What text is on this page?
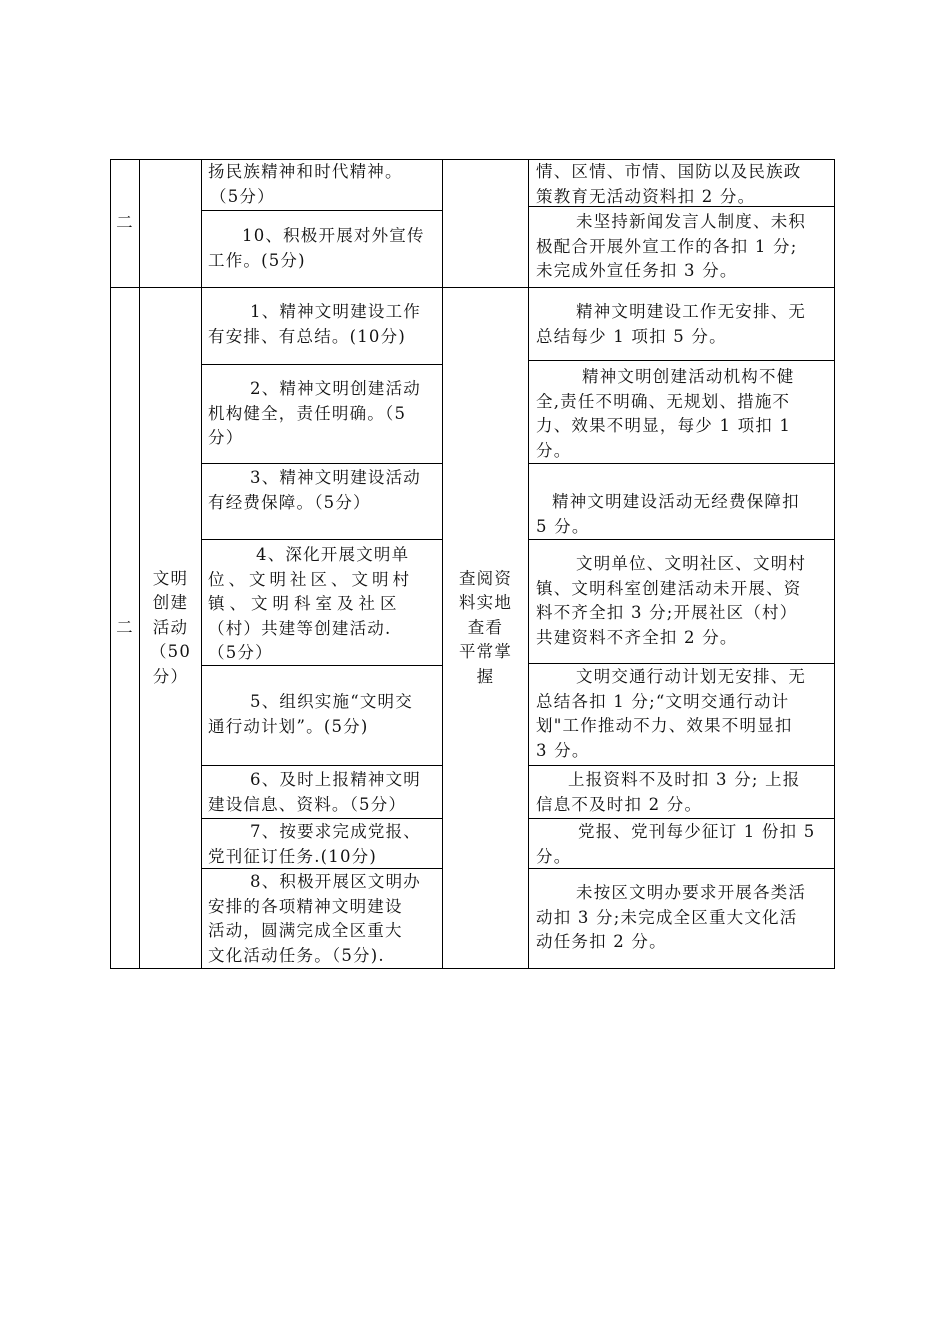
二
扬民族精神和时代精神。
（5分）
情、区情、市情、国防以及民族政
策教育无活动资料扣 2 分。
10、积极开展对外宣传
工作。(5分)
未坚持新闻发言人制度、未积
极配合开展外宣工作的各扣 1 分;
未完成外宣任务扣 3 分。
二
文明
创建
活动
（50
分）
查阅资
料实地
查看
平常掌
握
1、精神文明建设工作
有安排、有总结。(10分)
精神文明建设工作无安排、无
总结每少 1 项扣 5 分。
2、精神文明创建活动
机构健全，责任明确。（5
分）
精神文明创建活动机构不健
全,责任不明确、无规划、措施不
力、效果不明显，每少 1 项扣 1
分。
3、精神文明建设活动
有经费保障。（5分）	精神文明建设活动无经费保障扣
5 分。
4、深化开展文明单
位、文明社区、文明村
镇、文明科室及社区
（村）共建等创建活动.
（5分）
文明单位、文明社区、文明村
镇、文明科室创建活动未开展、资
料不齐全扣 3 分;开展社区（村）
共建资料不齐全扣 2 分。
5、组织实施“文明交
通行动计划”。(5分)
文明交通行动计划无安排、无
总结各扣 1 分;“文明交通行动计
划"工作推动不力、效果不明显扣
3 分。
6、及时上报精神文明
建设信息、资料。（5分）
上报资料不及时扣 3 分; 上报
信息不及时扣 2 分。
7、按要求完成党报、
党刊征订任务.(10分)
党报、党刊每少征订 1 份扣 5
分。
8、积极开展区文明办
安排的各项精神文明建设
活动，圆满完成全区重大
文化活动任务。（5分).
未按区文明办要求开展各类活
动扣 3 分;未完成全区重大文化活
动任务扣 2 分。
